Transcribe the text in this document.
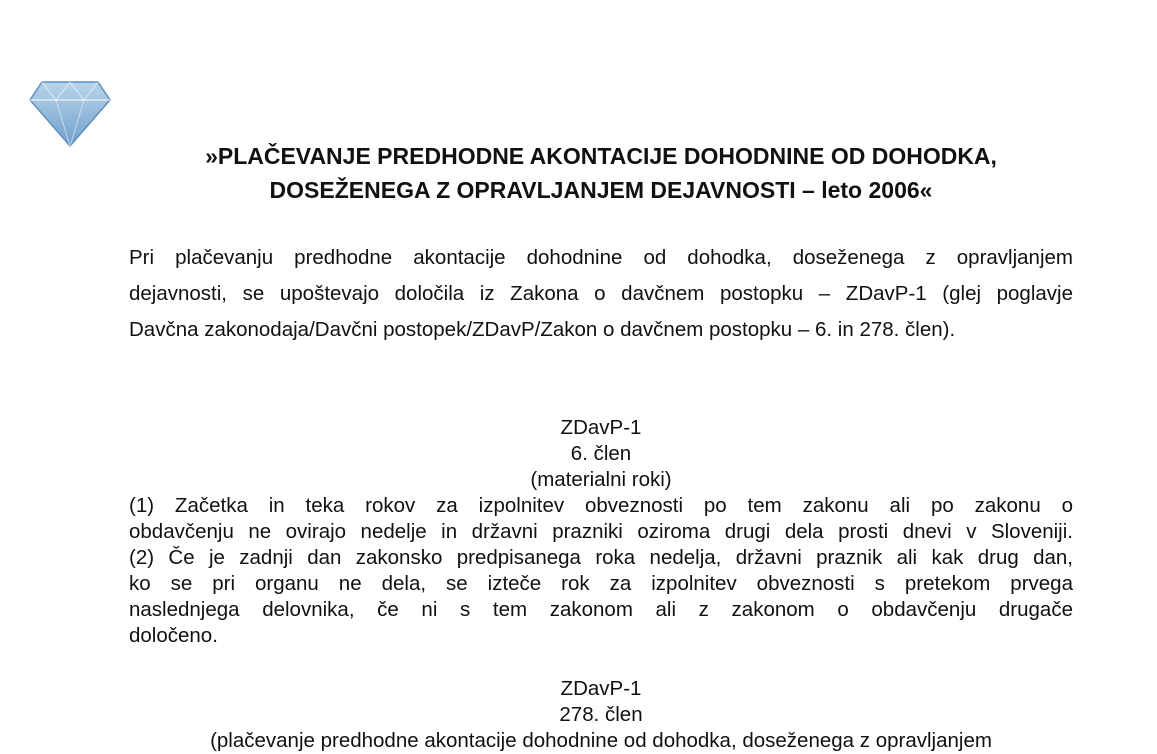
»PLAČEVANJE PREDHODNE AKONTACIJE DOHODNINE OD DOHODKA,
DOSEŽENEGA Z OPRAVLJANJEM DEJAVNOSTI – leto 2006«
Pri plačevanju predhodne akontacije dohodnine od dohodka, doseženega z opravljanjem
dejavnosti, se upoštevajo določila iz Zakona o davčnem postopku – ZDavP-1 (glej poglavje
Davčna zakonodaja/Davčni postopek/ZDavP/Zakon o davčnem postopku – 6. in 278. člen).
ZDavP-1
6. člen
(materialni roki)
(1) Začetka in teka rokov za izpolnitev obveznosti po tem zakonu ali po zakonu o
obdavčenju ne ovirajo nedelje in državni prazniki oziroma drugi dela prosti dnevi v Sloveniji.
(2) Če je zadnji dan zakonsko predpisanega roka nedelja, državni praznik ali kak drug dan,
ko se pri organu ne dela, se izteče rok za izpolnitev obveznosti s pretekom prvega
naslednjega delovnika, če ni s tem zakonom ali z zakonom o obdavčenju drugače
določeno.
ZDavP-1
278. člen
(plačevanje predhodne akontacije dohodnine od dohodka, doseženega z opravljanjem
